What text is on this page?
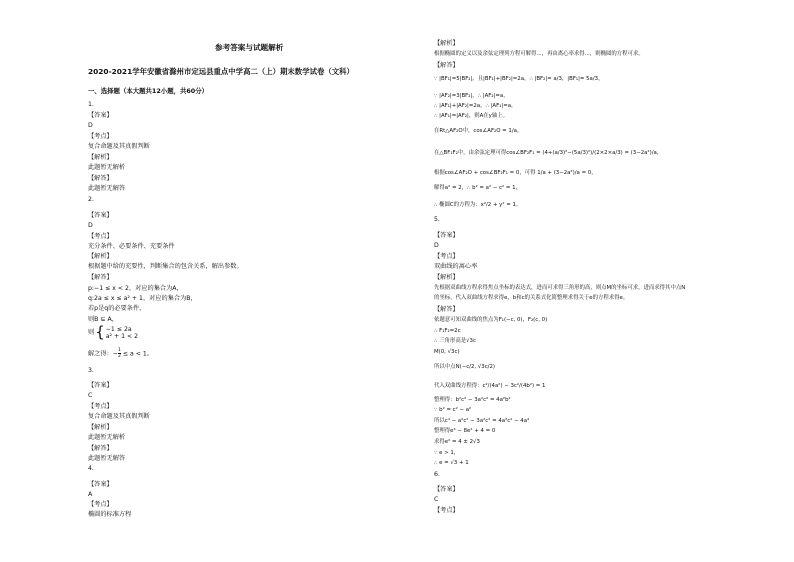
参考答案与试题解析
2020-2021学年安徽省滁州市定远县重点中学高二（上）期末数学试卷（文科）
一、选择题（本大题共12小题，共60分）
1.
【答案】
D
【考点】
复合命题及其真假判断
【解析】
此题暂无解析
【解答】
此题暂无解答
2.
【答案】
D
【考点】
充分条件、必要条件、充要条件
【解析】
根据题中给的充要性，判断集合的包含关系，解出参数。
【解答】
p:−1 ≤ x < 2，对应的集合为A，
q:2a ≤ x ≤ a² + 1，对应的集合为B，
若p是q的必要条件，
则B ⊆ A，
则 { −1 ≤ 2a
a² + 1 < 2
解之得：− $\frac{1}{2} \le a < 1$。
3.
【答案】
C
【考点】
复合命题及其真假判断
【解析】
此题暂无解析
【解答】
此题暂无解答
4.
【答案】
A
【考点】
椭圆的标准方程
【解析】
根据椭圆的定义以及余弦定理列方程可解得...，再由离心率求得...，则椭圆的方程可求。
【解答】
∵ |BF₁|=5|BF₂|，且|BF₁|+|BF₂|=2a，∴ |BF₂|= a/3，|BF₁|= 5a/3，
∵ |AF₂|=3|BF₂|，∴ |AF₂|=a，
∴ |AF₁|+|AF₂|=2a，∴ |AF₁|=a，
∴ |AF₁|=|AF₂|，则A在y轴上。
在Rt△AF₂O中，cos∠AF₂O = 1/a，
在△BF₁F₂中，由余弦定理可得cos∠BF₂F₁ = (4+(a/3)²−(5a/3)²)/(2×2×a/3) = (3−2a²)/a，
根据cos∠AF₂O + cos∠BF₂F₁ = 0，可得 1/a + (3−2a²)/a = 0，
解得a² = 2，∴ b² = a² − c² = 1，
∴ 椭圆C的方程为：x²/2 + y² = 1。
5.
【答案】
D
【考点】
双曲线的离心率
【解析】
先根据双曲线方程求得焦点坐标的表达式，进而可求得三角形的高，则点M的坐标可求，进而求得其中点N
的坐标，代入双曲线方程求得e，b和c的关系式化简整理求得关于e的方程求得e。
【解答】
依题意可知双曲线的焦点为F₁(−c, 0)，F₂(c, 0)
∴ F₁F₂=2c
∴ 三角形高是√3c
M(0, √3c)
所以中点N(−c/2, √3c/2)
代入双曲线方程得：c²/(4a²) − 3c²/(4b²) = 1
整理得：b²c² − 3a²c² = 4a²b²
∵ b² = c² − a²
所以c⁴ − a²c² − 3a²c² = 4a²c² − 4a⁴
整理得e⁴ − 8e² + 4 = 0
求得e² = 4 ± 2√3
∵ e > 1，
∴ e = √3 + 1
6.
【答案】
C
【考点】
